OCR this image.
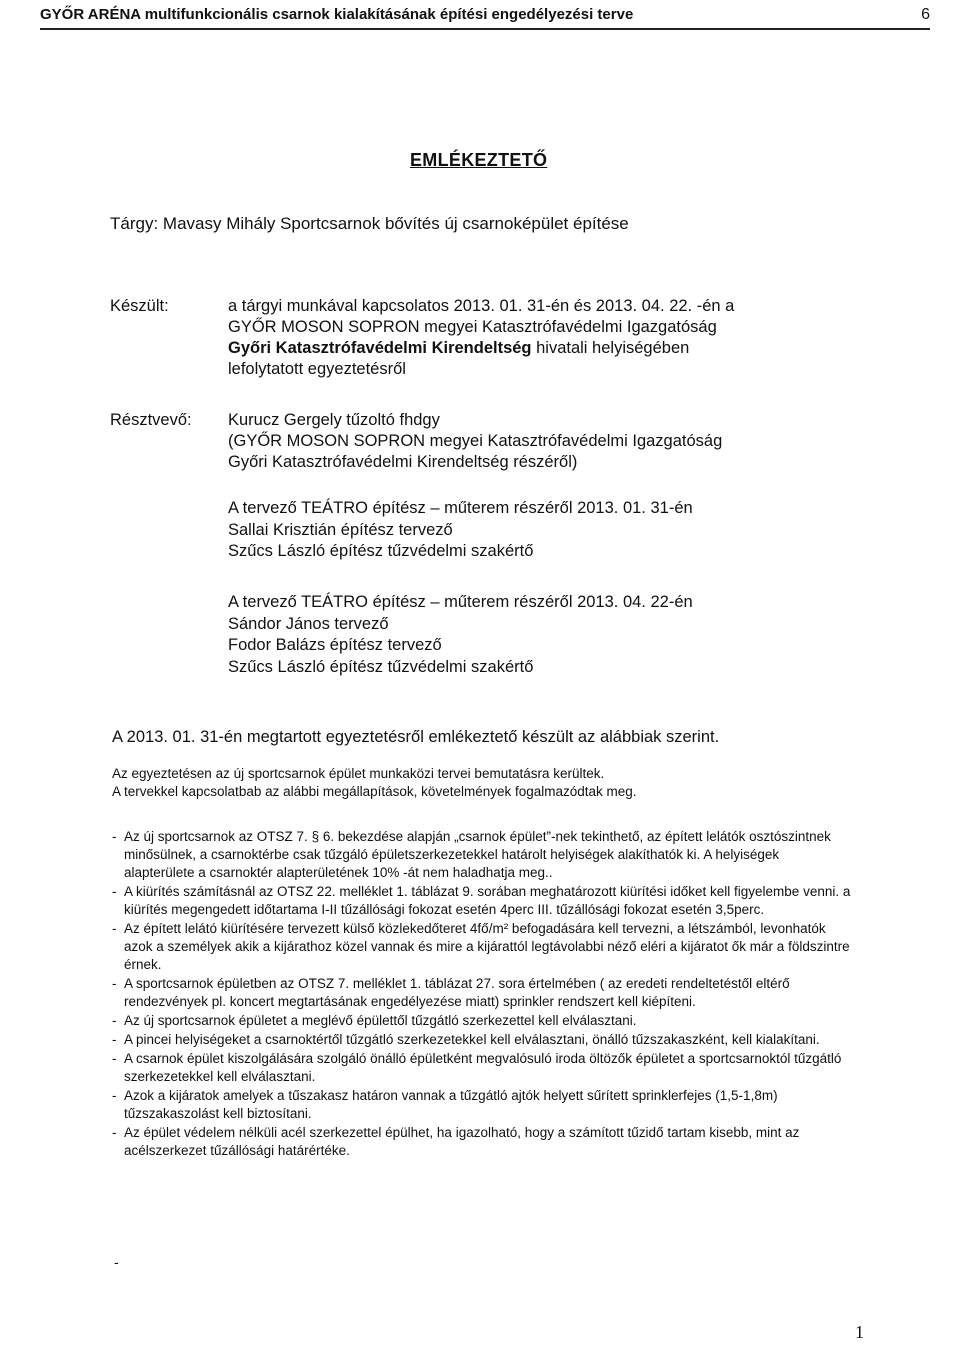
GYŐR ARÉNA multifunkcionális csarnok kialakításának építési engedélyezési terve	6
EMLÉKEZTETŐ
Tárgy: Mavasy Mihály Sportcsarnok bővítés új csarnoképület építése
Készült:	a tárgyi munkával kapcsolatos 2013. 01. 31-én és 2013. 04. 22. -én a
GYŐR MOSON SOPRON megyei Katasztrófavédelmi Igazgatóság
Győri Katasztrófavédelmi Kirendeltség hivatali helyiségében
lefolytatott egyeztetésről
Résztvevő: Kurucz Gergely tűzoltó fhdgy
(GYŐR MOSON SOPRON megyei Katasztrófavédelmi Igazgatóság
Győri Katasztrófavédelmi Kirendeltség részéről)
A tervező TEÁTRO építész – műterem részéről 2013. 01. 31-én
Sallai Krisztián építész tervező
Szűcs László építész tűzvédelmi szakértő
A tervező TEÁTRO építész – műterem részéről 2013. 04. 22-én
Sándor János tervező
Fodor Balázs építész tervező
Szűcs László építész tűzvédelmi szakértő
A 2013. 01. 31-én megtartott egyeztetésről emlékeztető készült az alábbiak szerint.
Az egyeztetésen az új sportcsarnok épület munkaközi tervei bemutatásra kerültek.
A tervekkel kapcsolatbab az alábbi megállapítások, követelmények fogalmazódtak meg.
- Az új sportcsarnok az OTSZ 7. § 6. bekezdése alapján „csarnok épület”-nek tekinthető, az épített lelátók osztószintnek minősülnek, a csarnoktérbe csak tűzgáló épületszerkezetekkel határolt helyiségek alakíthatók ki. A helyiségek alapterülete a csarnoktér alapterületének 10% -át nem haladhatja meg..
- A kiürítés számításnál az OTSZ 22. melléklet 1. táblázat 9. sorában meghatározott kiürítési időket kell figyelembe venni. a kiürítés megengedett időtartama I-II tűzállósági fokozat esetén 4perc III. tűzállósági fokozat esetén 3,5perc.
- Az épített lelátó kiürítésére tervezett külső közlekedőteret 4fő/m² befogadására kell tervezni, a létszámból, levonhatók azok a személyek akik a kijárathoz közel vannak és mire a kijárattól legtávolabbi néző eléri a kijáratot ők már a földszintre érnek.
- A sportcsarnok épületben az OTSZ 7. melléklet 1. táblázat 27. sora értelmében ( az eredeti rendeltetéstől eltérő rendezvények pl. koncert megtartásának engedélyezése miatt) sprinkler rendszert kell kiépíteni.
- Az új sportcsarnok épületet a meglévő épülettől tűzgátló szerkezettel kell elválasztani.
- A pincei helyiségeket a csarnoktértől tűzgátló szerkezetekkel kell elválasztani, önálló tűzszakaszként, kell kialakítani.
- A csarnok épület kiszolgálására szolgáló önálló épületként megvalósuló iroda öltözők épületet a sportcsarnoktól tűzgátló szerkezetekkel kell elválasztani.
- Azok a kijáratok amelyek a tűszakasz határon vannak a tűzgátló ajtók helyett sűrített sprinklerfejes (1,5-1,8m) tűzszakaszolást kell biztosítani.
- Az épület védelem nélküli acél szerkezettel épülhet, ha igazolható, hogy a számított tűzidő tartam kisebb, mint az acélszerkezet tűzállósági határértéke.
-
1
